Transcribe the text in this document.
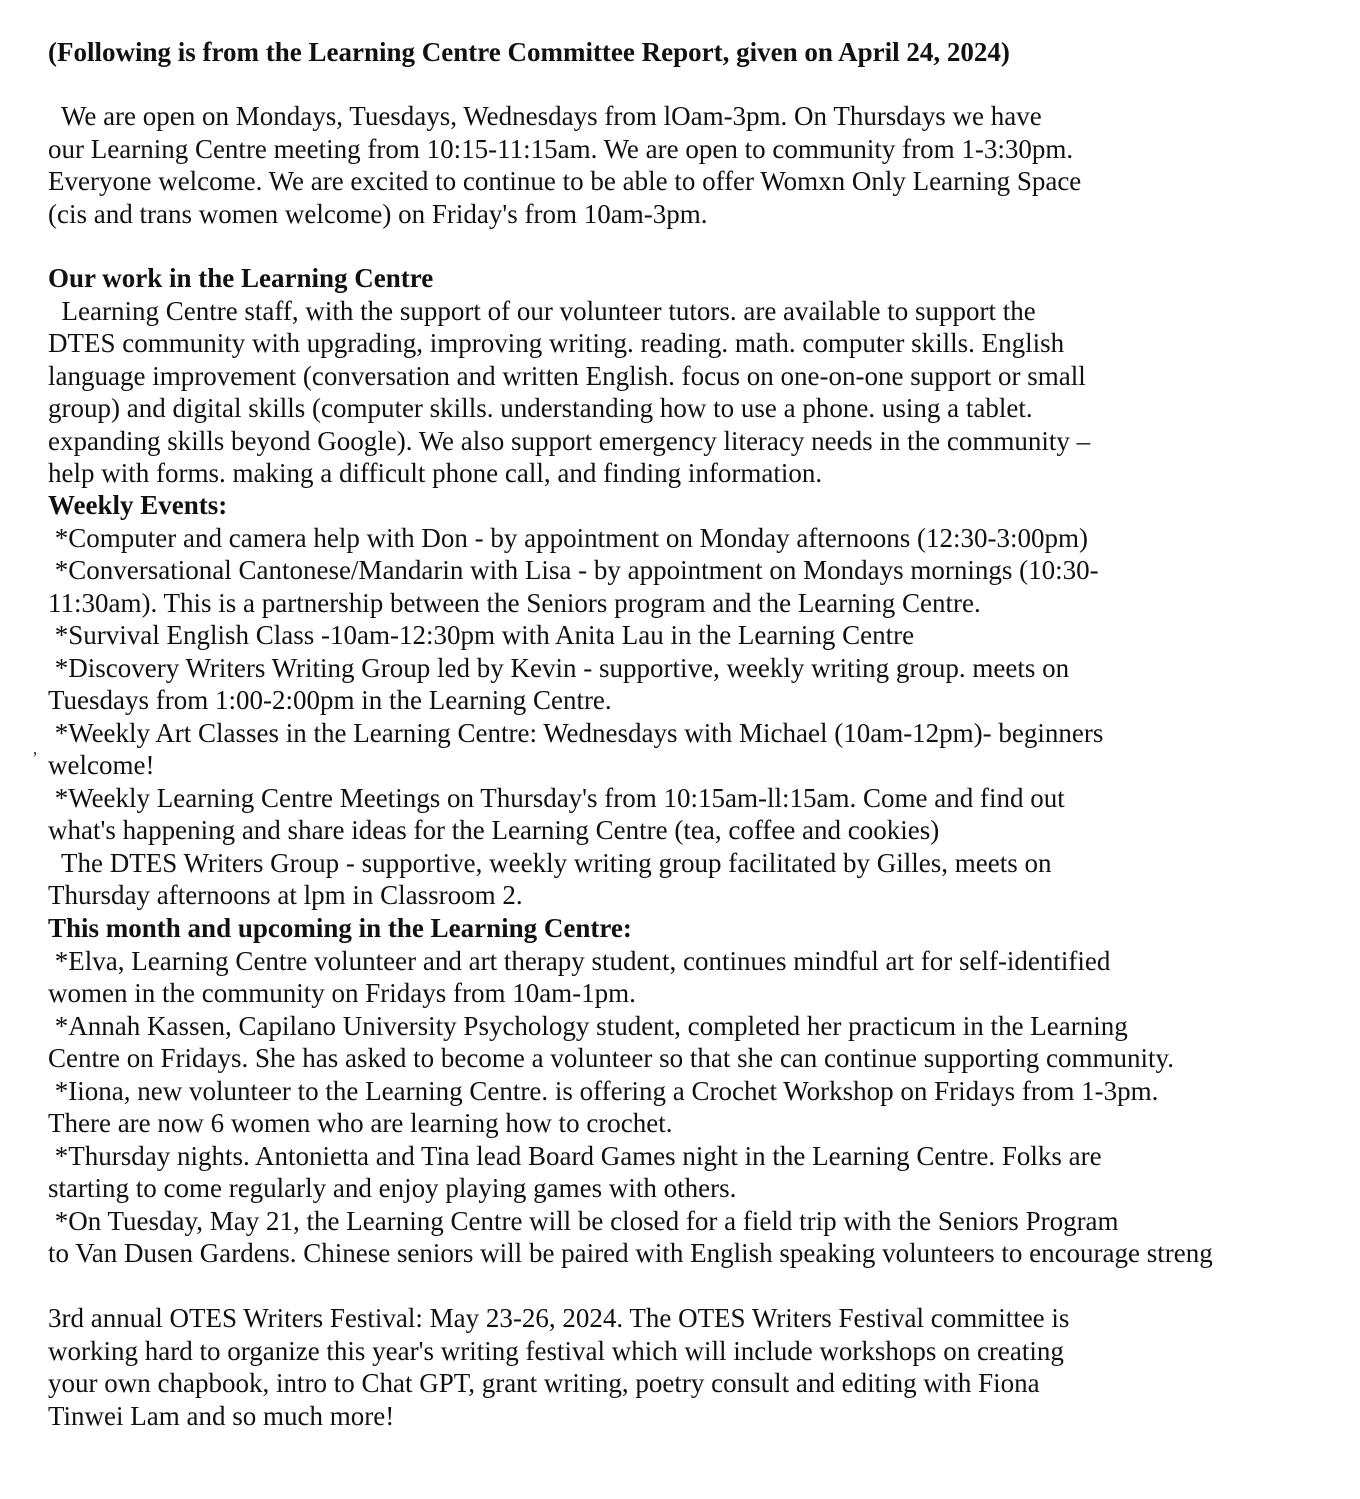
(Following is from the Learning Centre Committee Report, given on April 24, 2024)
We are open on Mondays, Tuesdays, Wednesdays from lOam-3pm. On Thursdays we have
our Learning Centre meeting from 10:15-11:15am. We are open to community from 1-3:30pm.
Everyone welcome. We are excited to continue to be able to offer Womxn Only Learning Space
(cis and trans women welcome) on Friday's from 10am-3pm.
Our work in the Learning Centre
Learning Centre staff, with the support of our volunteer tutors. are available to support the
DTES community with upgrading, improving writing. reading. math. computer skills. English
language improvement (conversation and written English. focus on one-on-one support or small
group) and digital skills (computer skills. understanding how to use a phone. using a tablet.
expanding skills beyond Google). We also support emergency literacy needs in the community –
help with forms. making a difficult phone call, and finding information.
Weekly Events:
*Computer and camera help with Don - by appointment on Monday afternoons (12:30-3:00pm)
*Conversational Cantonese/Mandarin with Lisa - by appointment on Mondays mornings (10:30-
11:30am). This is a partnership between the Seniors program and the Learning Centre.
*Survival English Class -10am-12:30pm with Anita Lau in the Learning Centre
*Discovery Writers Writing Group led by Kevin - supportive, weekly writing group. meets on
Tuesdays from 1:00-2:00pm in the Learning Centre.
*Weekly Art Classes in the Learning Centre: Wednesdays with Michael (10am-12pm)- beginners
welcome!
*Weekly Learning Centre Meetings on Thursday's from 10:15am-ll:15am. Come and find out
what's happening and share ideas for the Learning Centre (tea, coffee and cookies)
The DTES Writers Group - supportive, weekly writing group facilitated by Gilles, meets on
Thursday afternoons at lpm in Classroom 2.
‚
This month and upcoming in the Learning Centre:
*Elva, Learning Centre volunteer and art therapy student, continues mindful art for self-identified
women in the community on Fridays from 10am-1pm.
*Annah Kassen, Capilano University Psychology student, completed her practicum in the Learning
Centre on Fridays. She has asked to become a volunteer so that she can continue supporting community.
*Iiona, new volunteer to the Learning Centre. is offering a Crochet Workshop on Fridays from 1-3pm.
There are now 6 women who are learning how to crochet.
*Thursday nights. Antonietta and Tina lead Board Games night in the Learning Centre. Folks are
starting to come regularly and enjoy playing games with others.
*On Tuesday, May 21, the Learning Centre will be closed for a field trip with the Seniors Program
to Van Dusen Gardens. Chinese seniors will be paired with English speaking volunteers to encourage streng
3rd annual OTES Writers Festival: May 23-26, 2024. The OTES Writers Festival committee is
working hard to organize this year's writing festival which will include workshops on creating
your own chapbook, intro to Chat GPT, grant writing, poetry consult and editing with Fiona
Tinwei Lam and so much more!
